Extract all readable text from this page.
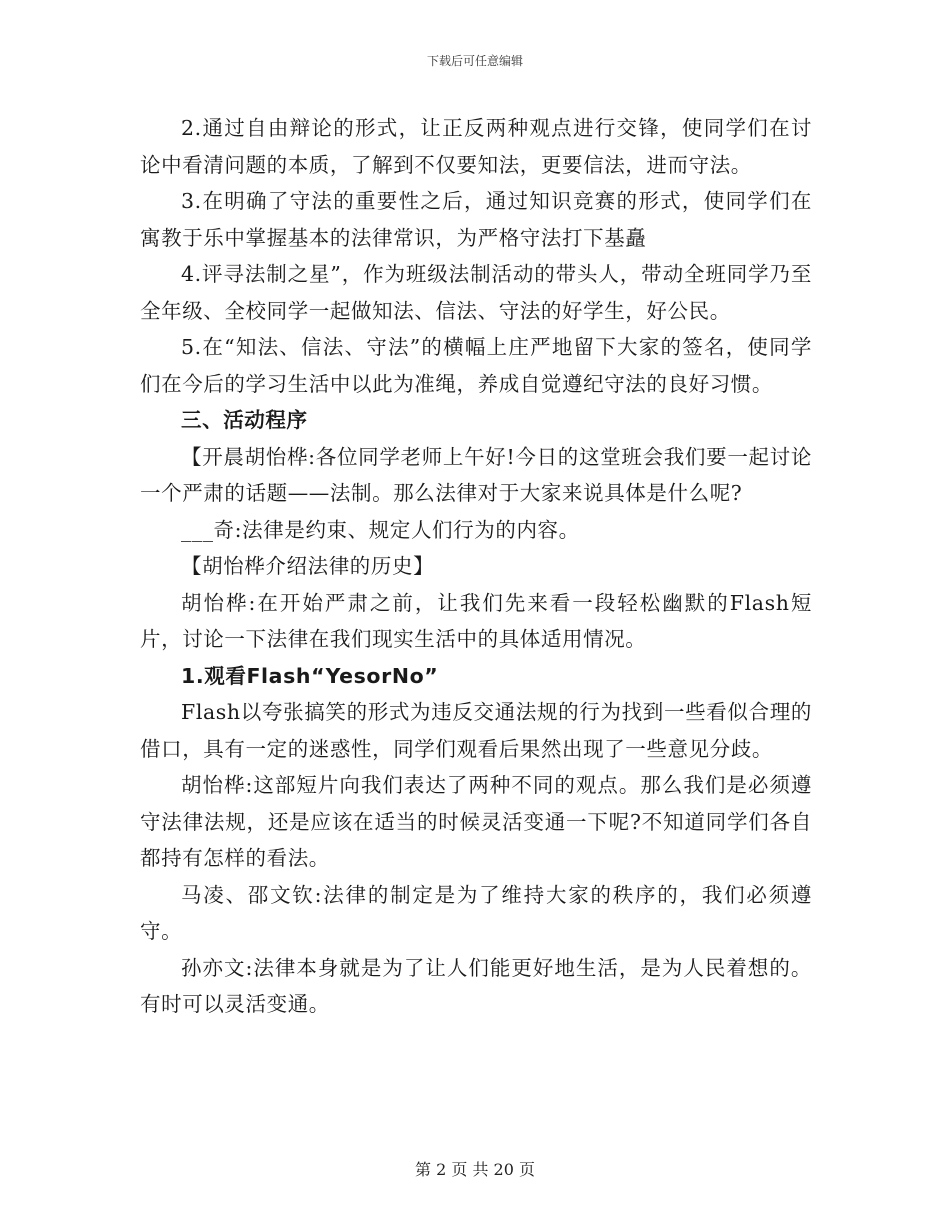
下载后可任意编辑

2.通过自由辩论的形式，让正反两种观点进行交锋，使同学们在讨论中看清问题的本质，了解到不仅要知法，更要信法，进而守法。

3.在明确了守法的重要性之后，通过知识竞赛的形式，使同学们在寓教于乐中掌握基本的法律常识，为严格守法打下基矗

4.评寻法制之星”，作为班级法制活动的带头人，带动全班同学乃至全年级、全校同学一起做知法、信法、守法的好学生，好公民。

5.在“知法、信法、守法”的横幅上庄严地留下大家的签名，使同学们在今后的学习生活中以此为准绳，养成自觉遵纪守法的良好习惯。

三、活动程序

【开晨胡怡桦:各位同学老师上午好!今日的这堂班会我们要一起讨论一个严肃的话题——法制。那么法律对于大家来说具体是什么呢?

___奇:法律是约束、规定人们行为的内容。

【胡怡桦介绍法律的历史】

胡怡桦:在开始严肃之前，让我们先来看一段轻松幽默的Flash短片，讨论一下法律在我们现实生活中的具体适用情况。

1.观看Flash“YesorNo”

Flash以夸张搞笑的形式为违反交通法规的行为找到一些看似合理的借口，具有一定的迷惑性，同学们观看后果然出现了一些意见分歧。

胡怡桦:这部短片向我们表达了两种不同的观点。那么我们是必须遵守法律法规，还是应该在适当的时候灵活变通一下呢?不知道同学们各自都持有怎样的看法。

马凌、邵文钦:法律的制定是为了维持大家的秩序的，我们必须遵守。

孙亦文:法律本身就是为了让人们能更好地生活，是为人民着想的。有时可以灵活变通。

第 2 页 共 20 页
